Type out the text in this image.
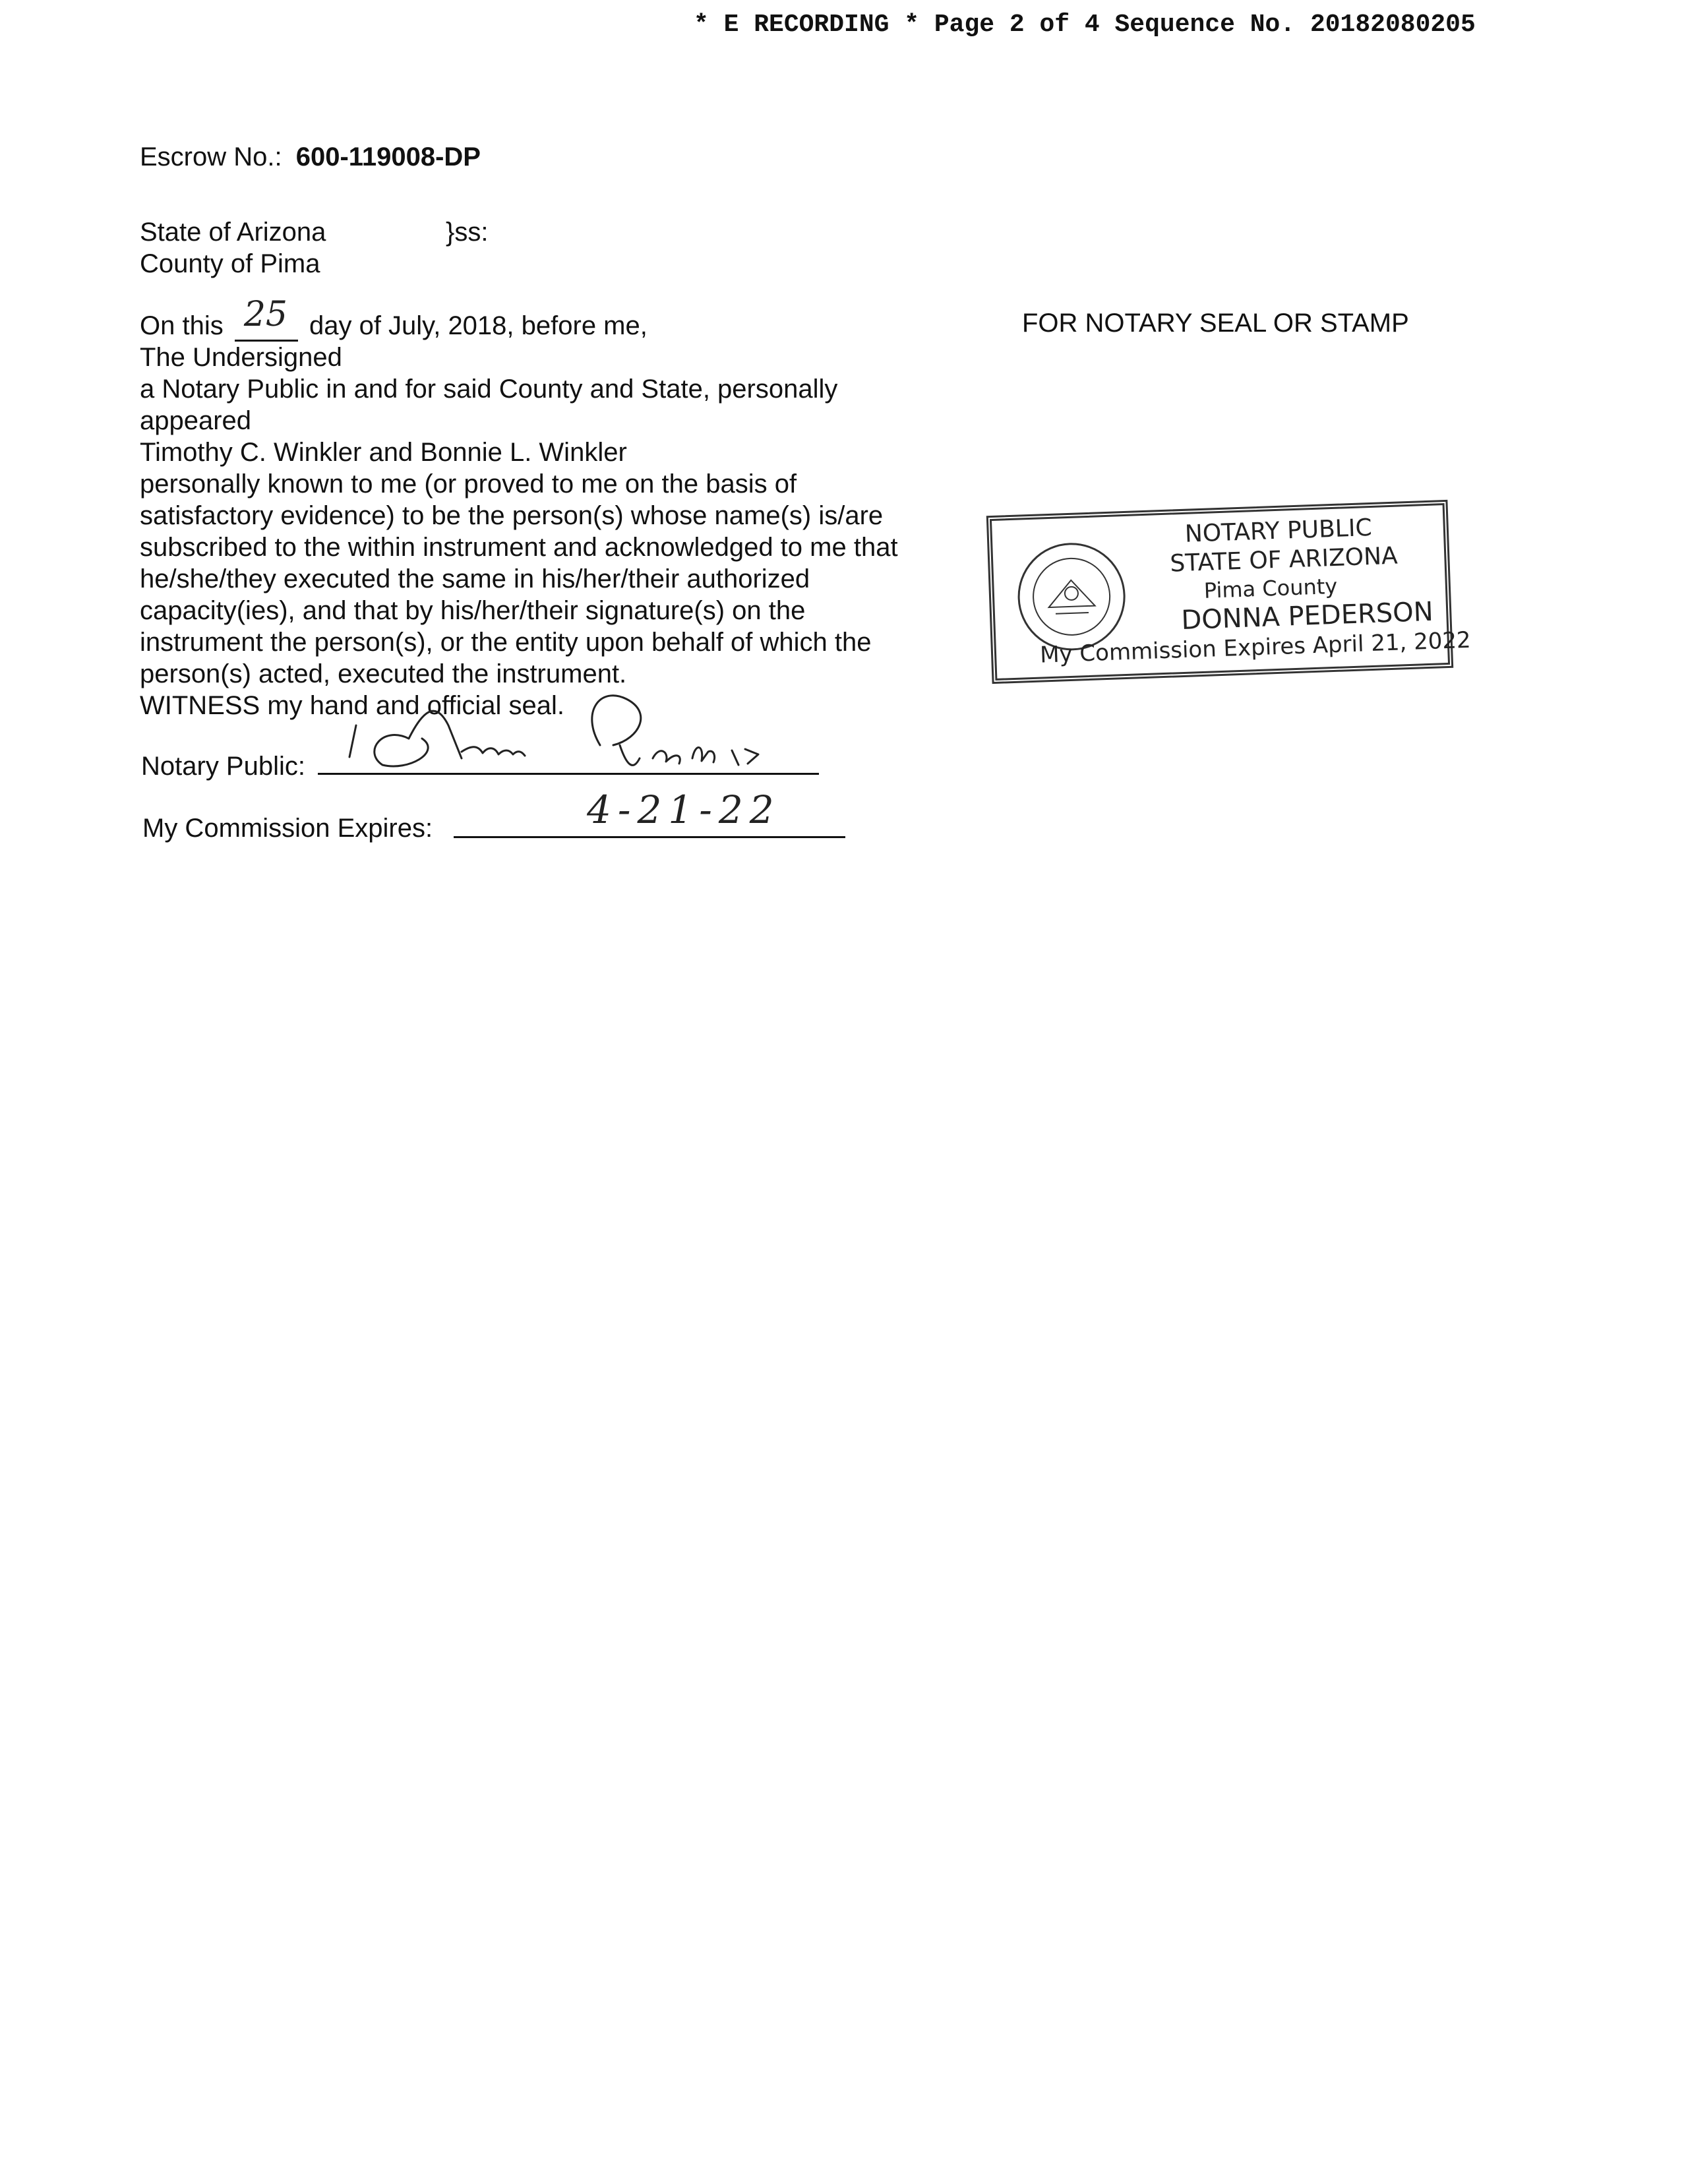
* E RECORDING * Page 2 of 4 Sequence No. 20182080205
Escrow No.: 600-119008-DP
State of Arizona	}ss:
County of Pima
On this 25 day of July, 2018, before me,
The Undersigned
a Notary Public in and for said County and State, personally
appeared
Timothy C. Winkler and Bonnie L. Winkler
personally known to me (or proved to me on the basis of
satisfactory evidence) to be the person(s) whose name(s) is/are
subscribed to the within instrument and acknowledged to me that
he/she/they executed the same in his/her/their authorized
capacity(ies), and that by his/her/their signature(s) on the
instrument the person(s), or the entity upon behalf of which the
person(s) acted, executed the instrument.
WITNESS my hand and official seal.
Notary Public:
My Commission Expires:	4-21-22
FOR NOTARY SEAL OR STAMP
NOTARY PUBLIC
STATE OF ARIZONA
Pima County
DONNA PEDERSON
My Commission Expires April 21, 2022
